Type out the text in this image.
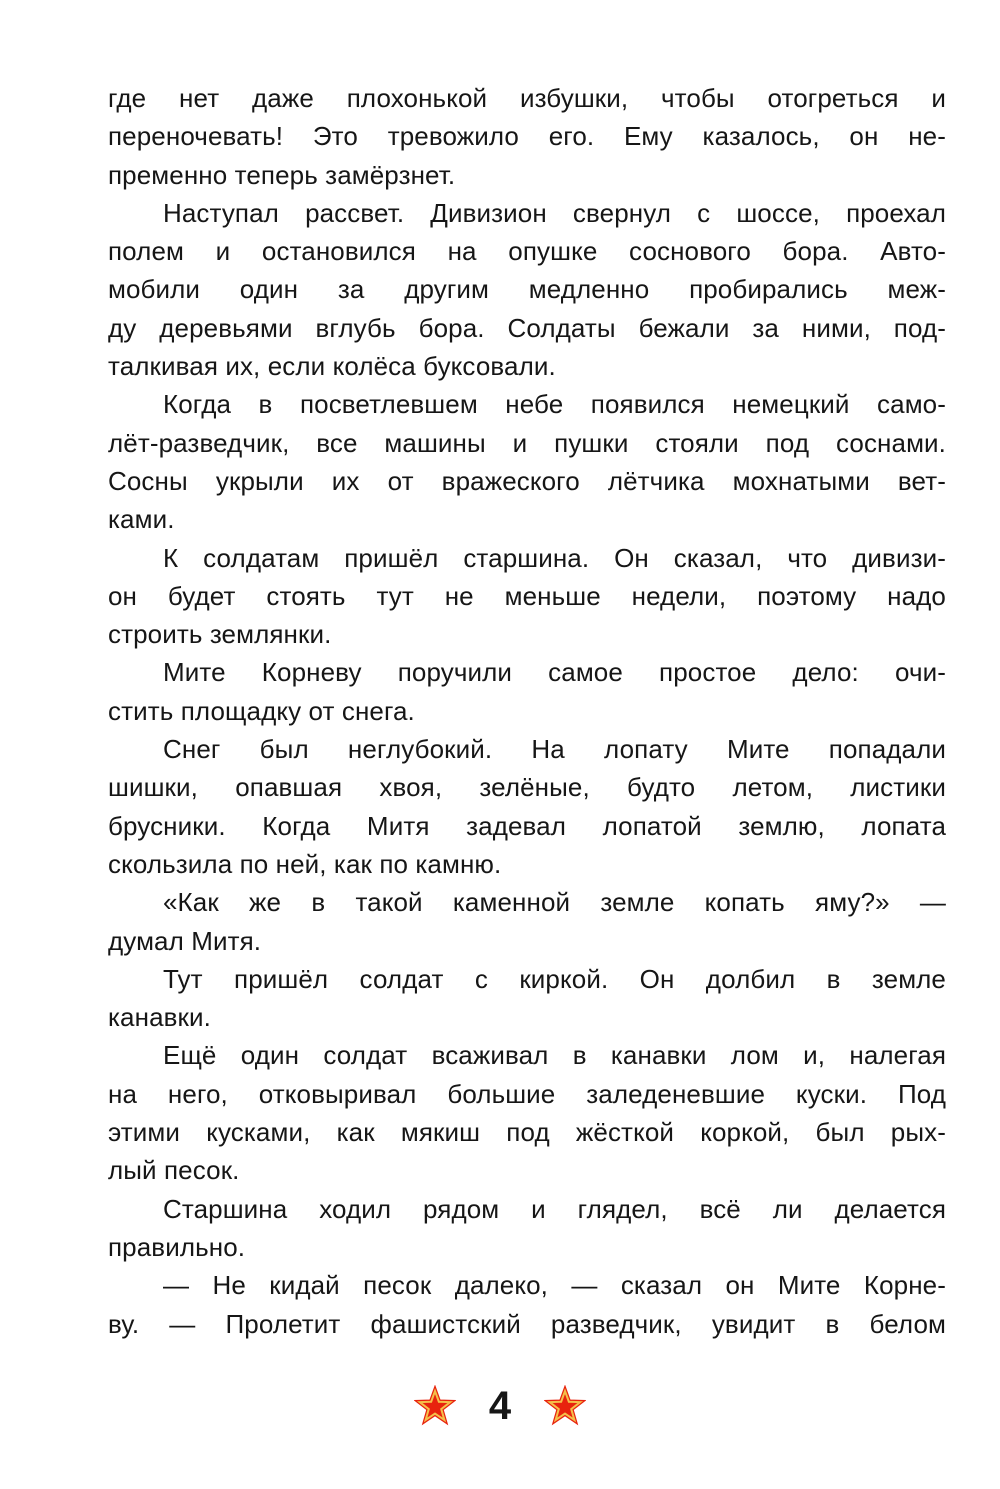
где нет даже плохонькой избушки, чтобы отогреться и
переночевать! Это тревожило его. Ему казалось, он не-
пременно теперь замёрзнет.
Наступал рассвет. Дивизион свернул с шоссе, проехал
полем и остановился на опушке соснового бора. Авто-
мобили один за другим медленно пробирались меж-
ду деревьями вглубь бора. Солдаты бежали за ними, под-
талкивая их, если колёса буксовали.
Когда в посветлевшем небе появился немецкий само-
лёт-разведчик, все машины и пушки стояли под соснами.
Сосны укрыли их от вражеского лётчика мохнатыми вет-
ками.
К солдатам пришёл старшина. Он сказал, что дивизи-
он будет стоять тут не меньше недели, поэтому надо
строить землянки.
Мите Корневу поручили самое простое дело: очи-
стить площадку от снега.
Снег был неглубокий. На лопату Мите попадали
шишки, опавшая хвоя, зелёные, будто летом, листики
брусники. Когда Митя задевал лопатой землю, лопата
скользила по ней, как по камню.
«Как же в такой каменной земле копать яму?» —
думал Митя.
Тут пришёл солдат с киркой. Он долбил в земле
канавки.
Ещё один солдат всаживал в канавки лом и, налегая
на него, отковыривал большие заледеневшие куски. Под
этими кусками, как мякиш под жёсткой коркой, был рых-
лый песок.
Старшина ходил рядом и глядел, всё ли делается
правильно.
— Не кидай песок далеко, — сказал он Мите Корне-
ву. — Пролетит фашистский разведчик, увидит в белом
4
